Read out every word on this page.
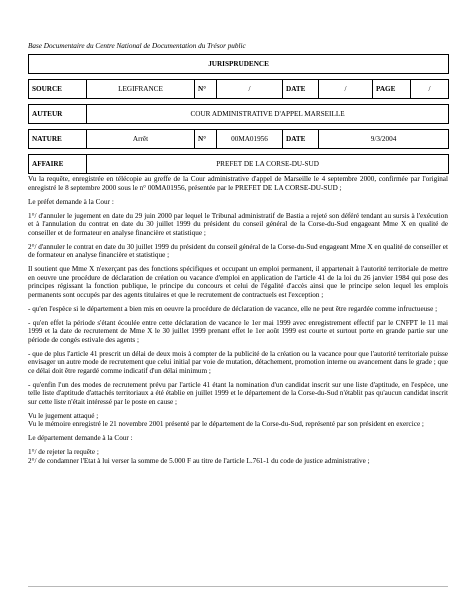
Base Documentaire du Centre National de Documentation du Trésor public
JURISPRUDENCE							

SOURCE	LEGIFRANCE	N°	/	DATE	/	PAGE	/

AUTEUR	COUR ADMINISTRATIVE D'APPEL MARSEILLE						

NATURE	Arrêt	N°	00MA01956	DATE	9/3/2004		

AFFAIRE	PREFET DE LA CORSE-DU-SUD						

Vu la requête, enregistrée en télécopie au greffe de la Cour administrative d'appel de Marseille le 4 septembre 2000, confirmée par l'original enregistré le 8 septembre 2000 sous le n° 00MA01956, présentée par le PREFET DE LA CORSE-DU-SUD ;

Le préfet demande à la Cour :

1°/ d'annuler le jugement en date du 29 juin 2000 par lequel le Tribunal administratif de Bastia a rejeté son déféré tendant au sursis à l'exécution et à l'annulation du contrat en date du 30 juillet 1999 du président du conseil général de la Corse-du-Sud engageant Mme X en qualité de conseiller et de formateur en analyse financière et statistique ;

2°/ d'annuler le contrat en date du 30 juillet 1999 du président du conseil général de la Corse-du-Sud engageant Mme X en qualité de conseiller et de formateur en analyse financière et statistique ;

Il soutient que Mme X n'exerçant pas des fonctions spécifiques et occupant un emploi permanent, il appartenait à l'autorité territoriale de mettre en oeuvre une procédure de déclaration de création ou vacance d'emploi en application de l'article 41 de la loi du 26 janvier 1984 qui pose des principes régissant la fonction publique, le principe du concours et celui de l'égalité d'accès ainsi que le principe selon lequel les emplois permanents sont occupés par des agents titulaires et que le recrutement de contractuels est l'exception ;

- qu'en l'espèce si le département a bien mis en oeuvre la procédure de déclaration de vacance, elle ne peut être regardée comme infructueuse ;

- qu'en effet la période s'étant écoulée entre cette déclaration de vacance le 1er mai 1999 avec enregistrement effectif par le CNFPT le 11 mai 1999 et la date de recrutement de Mme X le 30 juillet 1999 prenant effet le 1er août 1999 est courte et surtout porte en grande partie sur une période de congés estivale des agents ;

- que de plus l'article 41 prescrit un délai de deux mois à compter de la publicité de la création ou la vacance pour que l'autorité territoriale puisse envisager un autre mode de recrutement que celui initial par voie de mutation, détachement, promotion interne ou avancement dans le grade ; que ce délai doit être regardé comme indicatif d'un délai minimum ;

- qu'enfin l'un des modes de recrutement prévu par l'article 41 étant la nomination d'un candidat inscrit sur une liste d'aptitude, en l'espèce, une telle liste d'aptitude d'attachés territoriaux a été établie en juillet 1999 et le département de la Corse-du-Sud n'établit pas qu'aucun candidat inscrit sur cette liste n'était intéressé par le poste en cause ;

Vu le jugement attaqué ;
Vu le mémoire enregistré le 21 novembre 2001 présenté par le département de la Corse-du-Sud, représenté par son président en exercice ;

Le département demande à la Cour :

1°/ de rejeter la requête ;
2°/ de condamner l'Etat à lui verser la somme de 5.000 F au titre de l'article L.761-1 du code de justice administrative ;
